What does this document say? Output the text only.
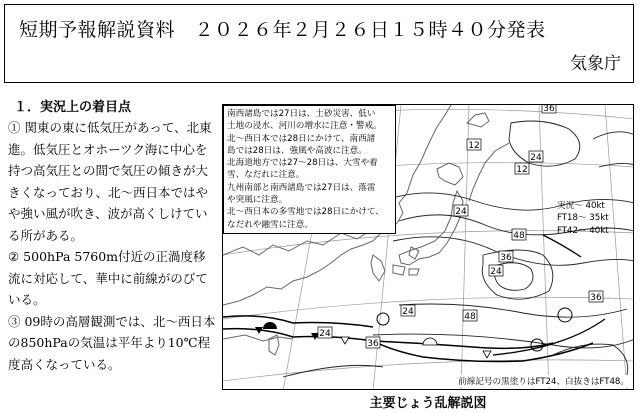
短期予報解説資料　２０２６年２月２６日１５時４０分発表
気象庁
１．実況上の着目点

① 関東の東に低気圧があって、北東進。低気圧とオホーツク海に中心を持つ高気圧との間で気圧の傾きが大きくなっており、北～西日本ではやや強い風が吹き、波が高くしけている所がある。

② 500hPa 5760m付近の正渦度移流に対応して、華中に前線がのびている。

③ 09時の高層観測では、北～西日本の850hPaの気温は平年より10℃程度高くなっている。

36
12
24
12
24
48
36
24
36
24	48
24
36
南西諸島では27日は、土砂災害、低い
土地の浸水、河川の増水に注意・警戒。
北～西日本では28日にかけて、南西諸
島では28日は、強風や高波に注意。
北海道地方では27～28日は、大雪や着
雪、なだれに注意。
九州南部と南西諸島では27日は、落雷
や突風に注意。
北～西日本の多雪地では28日にかけて、
なだれや融雪に注意。
実況～ 40kt
FT18～ 35kt
FT42～ 40kt
前線記号の黒塗りはFT24、白抜きはFT48。
主要じょう乱解説図
